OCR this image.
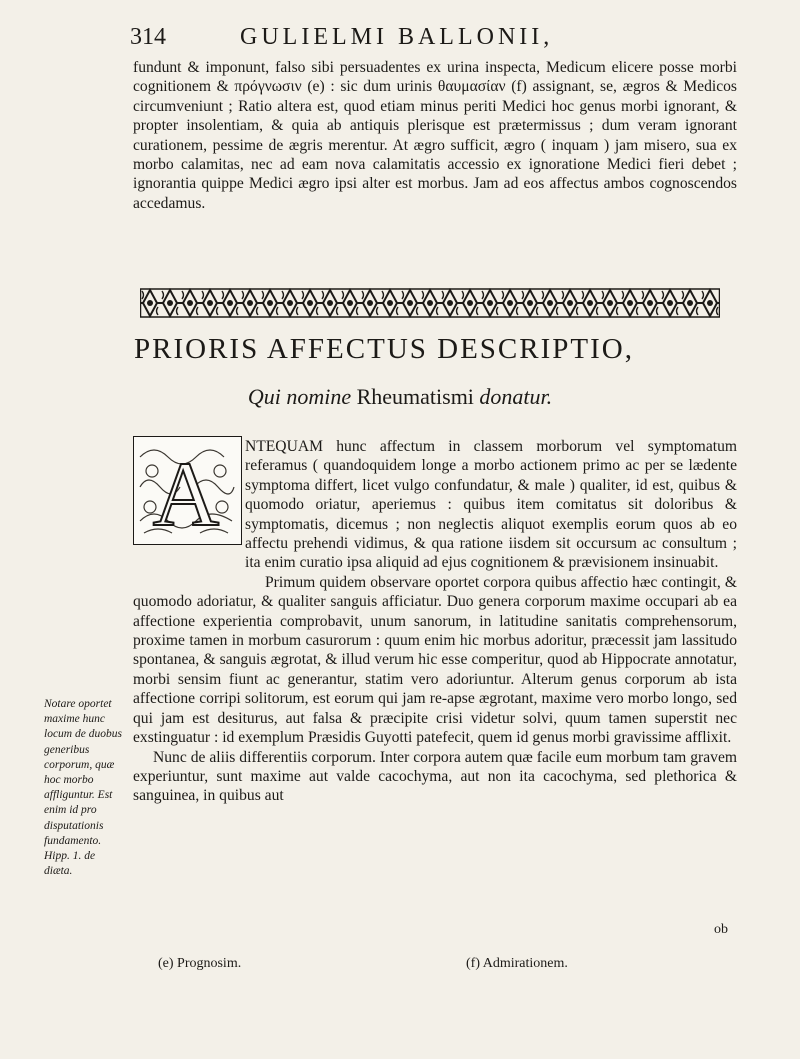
314	GULIELMI BALLONII,

fundunt & imponunt, falso sibi persuadentes ex urina inspecta, Medicum elicere posse morbi cognitionem & πρόγνωσιν (e) : sic dum urinis θαυμασίαν (f) assignant, se, ægros & Medicos circumveniunt ; Ratio altera est, quod etiam minus periti Medici hoc genus morbi ignorant, & propter insolentiam, & quia ab antiquis plerisque est prætermissus ; dum veram ignorant curationem, pessime de ægris merentur. At ægro sufficit, ægro ( inquam ) jam misero, sua ex morbo calamitas, nec ad eam nova calamitatis accessio ex ignoratione Medici fieri debet ; ignorantia quippe Medici ægro ipsi alter est morbus. Jam ad eos affectus ambos cognoscendos accedamus.

PRIORIS AFFECTUS DESCRIPTIO,
Qui nomine Rheumatismi donatur.
A	NTEQUAM hunc affectum in classem morborum vel symptomatum referamus ( quandoquidem longe a morbo actionem primo ac per se lædente symptoma differt, licet vulgo confundatur, & male ) qualiter, id est, quibus & quomodo oriatur, aperiemus : quibus item comitatus sit doloribus & symptomatis, dicemus ; non neglectis aliquot exemplis eorum quos ab eo affectu prehendi vidimus, & qua ratione iisdem sit occursum ac consultum ; ita enim curatio ipsa aliquid ad ejus cognitionem & prævisionem insinuabit.

Primum quidem observare oportet corpora quibus affectio hæc contingit, & quomodo adoriatur, & qualiter sanguis afficiatur. Duo genera corporum maxime occupari ab ea affectione experientia comprobavit, unum sanorum, in latitudine sanitatis comprehensorum, proxime tamen in morbum casurorum : quum enim hic morbus adoritur, præcessit jam lassitudo spontanea, & sanguis ægrotat, & illud verum hic esse comperitur, quod ab Hippocrate annotatur, morbi sensim fiunt ac generantur, statim vero adoriuntur. Alterum genus corporum ab ista affectione corripi solitorum, est eorum qui jam re-apse ægrotant, maxime vero morbo longo, sed qui jam est desiturus, aut falsa & præcipite crisi videtur solvi, quum tamen superstit nec exstinguatur : id exemplum Præsidis Guyotti patefecit, quem id genus morbi gravissime afflixit.

Nunc de aliis differentiis corporum. Inter corpora autem quæ facile eum morbum tam gravem experiuntur, sunt maxime aut valde cacochyma, aut non ita cacochyma, sed plethorica & sanguinea, in quibus aut

ob
Notare oportet maxime hunc locum de duobus generibus corporum, quæ hoc morbo affliguntur. Est enim id pro disputationis fundamento. Hipp. 1. de diæta.
(e) Prognosim.	(f) Admirationem.
